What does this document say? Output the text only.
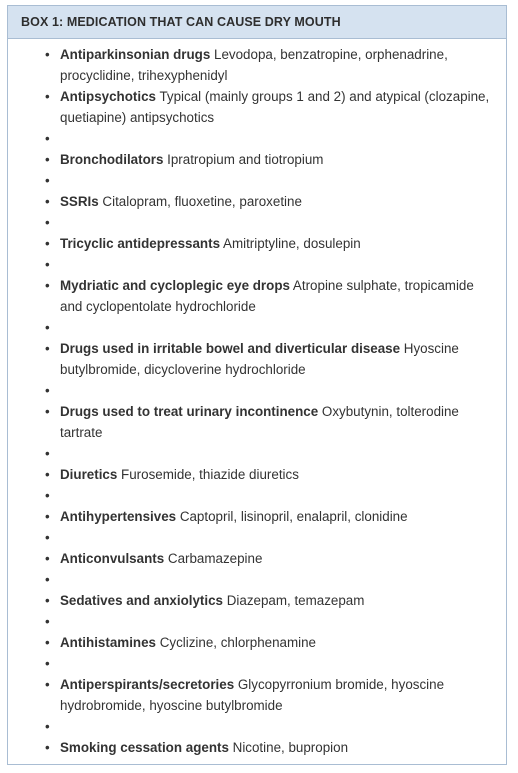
BOX 1: MEDICATION THAT CAN CAUSE DRY MOUTH
• Antiparkinsonian drugs Levodopa, benzatropine, orphenadrine, procyclidine, trihexyphenidyl
• Antipsychotics Typical (mainly groups 1 and 2) and atypical (clozapine, quetiapine) antipsychotics
•
• Bronchodilators Ipratropium and tiotropium
•
• SSRIs Citalopram, fluoxetine, paroxetine
•
• Tricyclic antidepressants Amitriptyline, dosulepin
•
• Mydriatic and cycloplegic eye drops Atropine sulphate, tropicamide and cyclopentolate hydrochloride
•
• Drugs used in irritable bowel and diverticular disease Hyoscine butylbromide, dicycloverine hydrochloride
•
• Drugs used to treat urinary incontinence Oxybutynin, tolterodine tartrate
•
• Diuretics Furosemide, thiazide diuretics
•
• Antihypertensives Captopril, lisinopril, enalapril, clonidine
•
• Anticonvulsants Carbamazepine
•
• Sedatives and anxiolytics Diazepam, temazepam
•
• Antihistamines Cyclizine, chlorphenamine
•
• Antiperspirants/secretories Glycopyrronium bromide, hyoscine hydrobromide, hyoscine butylbromide
•
• Smoking cessation agents Nicotine, bupropion
